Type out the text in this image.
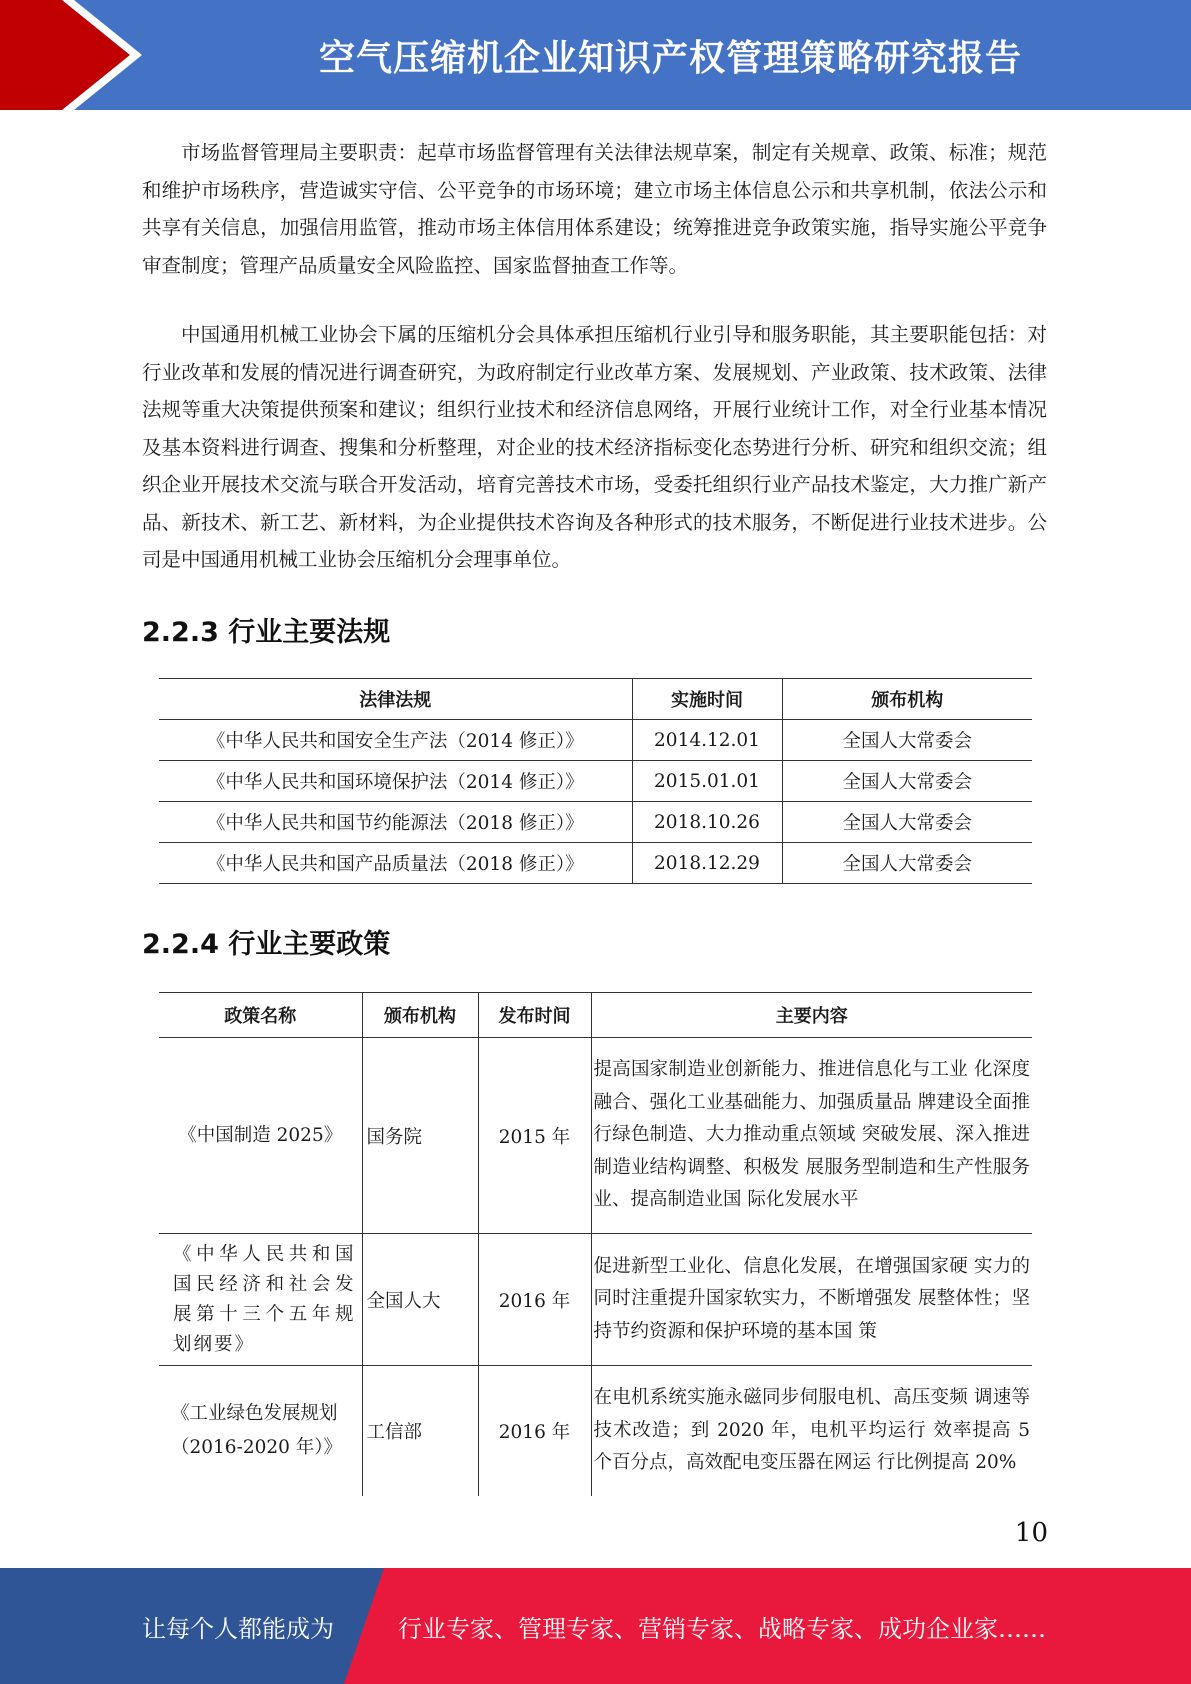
空气压缩机企业知识产权管理策略研究报告

市场监督管理局主要职责：起草市场监督管理有关法律法规草案，制定有关规章、政策、标准；规范和维护市场秩序，营造诚实守信、公平竞争的市场环境；建立市场主体信息公示和共享机制，依法公示和共享有关信息，加强信用监管，推动市场主体信用体系建设；统筹推进竞争政策实施，指导实施公平竞争审查制度；管理产品质量安全风险监控、国家监督抽查工作等。

中国通用机械工业协会下属的压缩机分会具体承担压缩机行业引导和服务职能，其主要职能包括：对行业改革和发展的情况进行调查研究，为政府制定行业改革方案、发展规划、产业政策、技术政策、法律法规等重大决策提供预案和建议；组织行业技术和经济信息网络，开展行业统计工作，对全行业基本情况及基本资料进行调查、搜集和分析整理，对企业的技术经济指标变化态势进行分析、研究和组织交流；组织企业开展技术交流与联合开发活动，培育完善技术市场，受委托组织行业产品技术鉴定，大力推广新产品、新技术、新工艺、新材料，为企业提供技术咨询及各种形式的技术服务，不断促进行业技术进步。公司是中国通用机械工业协会压缩机分会理事单位。

2.2.3 行业主要法规
法律法规	实施时间	颁布机构
《中华人民共和国安全生产法（2014 修正）》	2014.12.01	全国人大常委会
《中华人民共和国环境保护法（2014 修正）》	2015.01.01	全国人大常委会
《中华人民共和国节约能源法（2018 修正）》	2018.10.26	全国人大常委会
《中华人民共和国产品质量法（2018 修正）》	2018.12.29	全国人大常委会
2.2.4 行业主要政策
政策名称	颁布机构	发布时间	主要内容
《中国制造 2025》	国务院	2015 年	提高国家制造业创新能力、推进信息化与工业 化深度融合、强化工业基础能力、加强质量品 牌建设全面推行绿色制造、大力推动重点领域 突破发展、深入推进制造业结构调整、积极发 展服务型制造和生产性服务业、提高制造业国 际化发展水平
《中华人民共和国国民经济和社会发展第十三个五年规划纲要》	全国人大	2016 年	促进新型工业化、信息化发展，在增强国家硬 实力的同时注重提升国家软实力，不断增强发 展整体性；坚持节约资源和保护环境的基本国 策
《工业绿色发展规划（2016-2020 年）》	工信部	2016 年	在电机系统实施永磁同步伺服电机、高压变频 调速等技术改造；到 2020 年，电机平均运行 效率提高 5 个百分点，高效配电变压器在网运 行比例提高 20%
10
让每个人都能成为	行业专家、管理专家、营销专家、战略专家、成功企业家……
